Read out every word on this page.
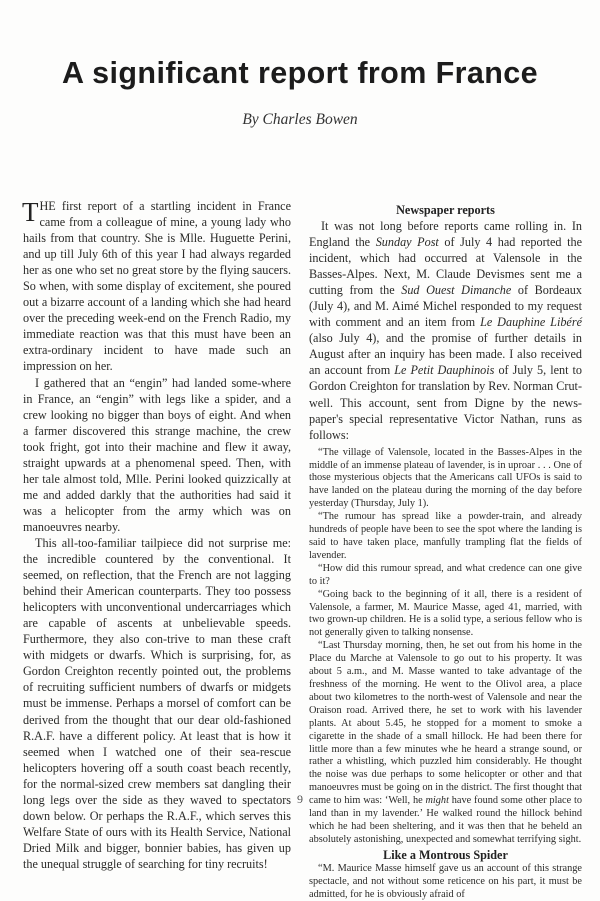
A significant report from France
By Charles Bowen

THE first report of a startling incident in France came from a colleague of mine, a young lady who hails from that country. She is Mlle. Huguette Perini, and up till July 6th of this year I had always regarded her as one who set no great store by the flying saucers. So when, with some display of excitement, she poured out a bizarre account of a landing which she had heard over the preceding week-end on the French Radio, my immediate reaction was that this must have been an extra-ordinary incident to have made such an impression on her.

I gathered that an “engin” had landed some-where in France, an “engin” with legs like a spider, and a crew looking no bigger than boys of eight. And when a farmer discovered this strange machine, the crew took fright, got into their machine and flew it away, straight upwards at a phenomenal speed. Then, with her tale almost told, Mlle. Perini looked quizzically at me and added darkly that the authorities had said it was a helicopter from the army which was on manoeuvres nearby.

This all-too-familiar tailpiece did not surprise me: the incredible countered by the conventional. It seemed, on reflection, that the French are not lagging behind their American counterparts. They too possess helicopters with unconventional undercarriages which are capable of ascents at unbelievable speeds. Furthermore, they also con-trive to man these craft with midgets or dwarfs. Which is surprising, for, as Gordon Creighton recently pointed out, the problems of recruiting sufficient numbers of dwarfs or midgets must be immense. Perhaps a morsel of comfort can be derived from the thought that our dear old-fashioned R.A.F. have a different policy. At least that is how it seemed when I watched one of their sea-rescue helicopters hovering off a south coast beach recently, for the normal-sized crew members sat dangling their long legs over the side as they waved to spectators down below. Or perhaps the R.A.F., which serves this Welfare State of ours with its Health Service, National Dried Milk and bigger, bonnier babies, has given up the unequal struggle of searching for tiny recruits!

Newspaper reports

It was not long before reports came rolling in. In England the Sunday Post of July 4 had reported the incident, which had occurred at Valensole in the Basses-Alpes. Next, M. Claude Devismes sent me a cutting from the Sud Ouest Dimanche of Bordeaux (July 4), and M. Aimé Michel responded to my request with comment and an item from Le Dauphine Libéré (also July 4), and the promise of further details in August after an inquiry has been made. I also received an account from Le Petit Dauphinois of July 5, lent to Gordon Creighton for translation by Rev. Norman Crut-well. This account, sent from Digne by the news-paper's special representative Victor Nathan, runs as follows:

“The village of Valensole, located in the Basses-Alpes in the middle of an immense plateau of lavender, is in uproar . . . One of those mysterious objects that the Americans call UFOs is said to have landed on the plateau during the morning of the day before yesterday (Thursday, July 1).

“The rumour has spread like a powder-train, and already hundreds of people have been to see the spot where the landing is said to have taken place, manfully trampling flat the fields of lavender.

“How did this rumour spread, and what credence can one give to it?

“Going back to the beginning of it all, there is a resident of Valensole, a farmer, M. Maurice Masse, aged 41, married, with two grown-up children. He is a solid type, a serious fellow who is not generally given to talking nonsense.

“Last Thursday morning, then, he set out from his home in the Place du Marche at Valensole to go out to his property. It was about 5 a.m., and M. Masse wanted to take advantage of the freshness of the morning. He went to the Olivol area, a place about two kilometres to the north-west of Valensole and near the Oraison road. Arrived there, he set to work with his lavender plants. At about 5.45, he stopped for a moment to smoke a cigarette in the shade of a small hillock. He had been there for little more than a few minutes whe he heard a strange sound, or rather a whistling, which puzzled him considerably. He thought the noise was due perhaps to some helicopter or other and that manoeuvres must be going on in the district. The first thought that came to him was: ‘Well, he might have found some other place to land than in my lavender.’ He walked round the hillock behind which he had been sheltering, and it was then that he beheld an absolutely astonishing, unexpected and somewhat terrifying sight.

Like a Montrous Spider

“M. Maurice Masse himself gave us an account of this strange spectacle, and not without some reticence on his part, it must be admitted, for he is obviously afraid of

9
